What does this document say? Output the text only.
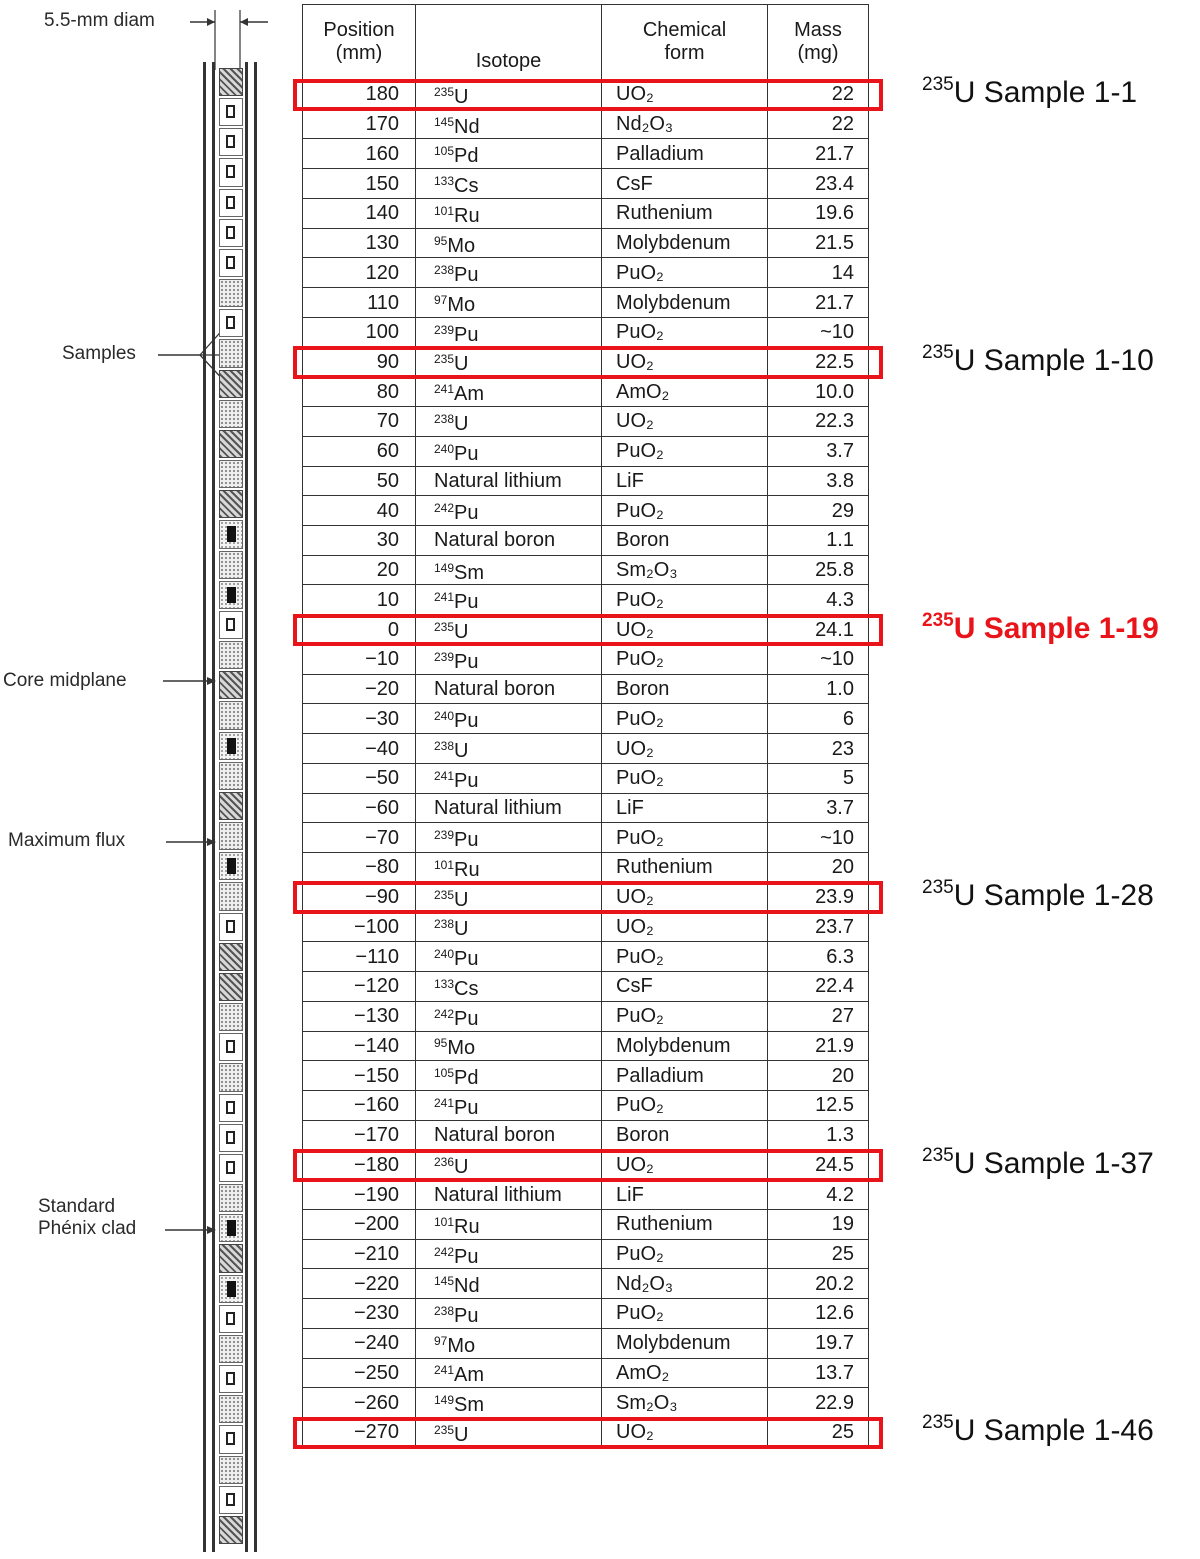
5.5-mm diam
Samples
Core midplane
Maximum flux
Standard Phénix clad
Position (mm)	Isotope	Chemical form	Mass (mg)
180	$^{235}$U	UO₂	22
170	$^{145}$Nd	Nd₂O₃	22
160	$^{105}$Pd	Palladium	21.7
150	$^{133}$Cs	CsF	23.4
140	$^{101}$Ru	Ruthenium	19.6
130	$^{95}$Mo	Molybdenum	21.5
120	$^{238}$Pu	PuO₂	14
110	$^{97}$Mo	Molybdenum	21.7
100	$^{239}$Pu	PuO₂	~10
90	$^{235}$U	UO₂	22.5
80	$^{241}$Am	AmO₂	10.0
70	$^{238}$U	UO₂	22.3
60	$^{240}$Pu	PuO₂	3.7
50	Natural lithium	LiF	3.8
40	$^{242}$Pu	PuO₂	29
30	Natural boron	Boron	1.1
20	$^{149}$Sm	Sm₂O₃	25.8
10	$^{241}$Pu	PuO₂	4.3
0	$^{235}$U	UO₂	24.1
−10	$^{239}$Pu	PuO₂	~10
−20	Natural boron	Boron	1.0
−30	$^{240}$Pu	PuO₂	6
−40	$^{238}$U	UO₂	23
−50	$^{241}$Pu	PuO₂	5
−60	Natural lithium	LiF	3.7
−70	$^{239}$Pu	PuO₂	~10
−80	$^{101}$Ru	Ruthenium	20
−90	$^{235}$U	UO₂	23.9
−100	$^{238}$U	UO₂	23.7
−110	$^{240}$Pu	PuO₂	6.3
−120	$^{133}$Cs	CsF	22.4
−130	$^{242}$Pu	PuO₂	27
−140	$^{95}$Mo	Molybdenum	21.9
−150	$^{105}$Pd	Palladium	20
−160	$^{241}$Pu	PuO₂	12.5
−170	Natural boron	Boron	1.3
−180	$^{236}$U	UO₂	24.5
−190	Natural lithium	LiF	4.2
−200	$^{101}$Ru	Ruthenium	19
−210	$^{242}$Pu	PuO₂	25
−220	$^{145}$Nd	Nd₂O₃	20.2
−230	$^{238}$Pu	PuO₂	12.6
−240	$^{97}$Mo	Molybdenum	19.7
−250	$^{241}$Am	AmO₂	13.7
−260	$^{149}$Sm	Sm₂O₃	22.9
−270	$^{235}$U	UO₂	25
$^{235}$U Sample 1-1
$^{235}$U Sample 1-10
$^{235}$U Sample 1-19
$^{235}$U Sample 1-28
$^{235}$U Sample 1-37
$^{235}$U Sample 1-46
